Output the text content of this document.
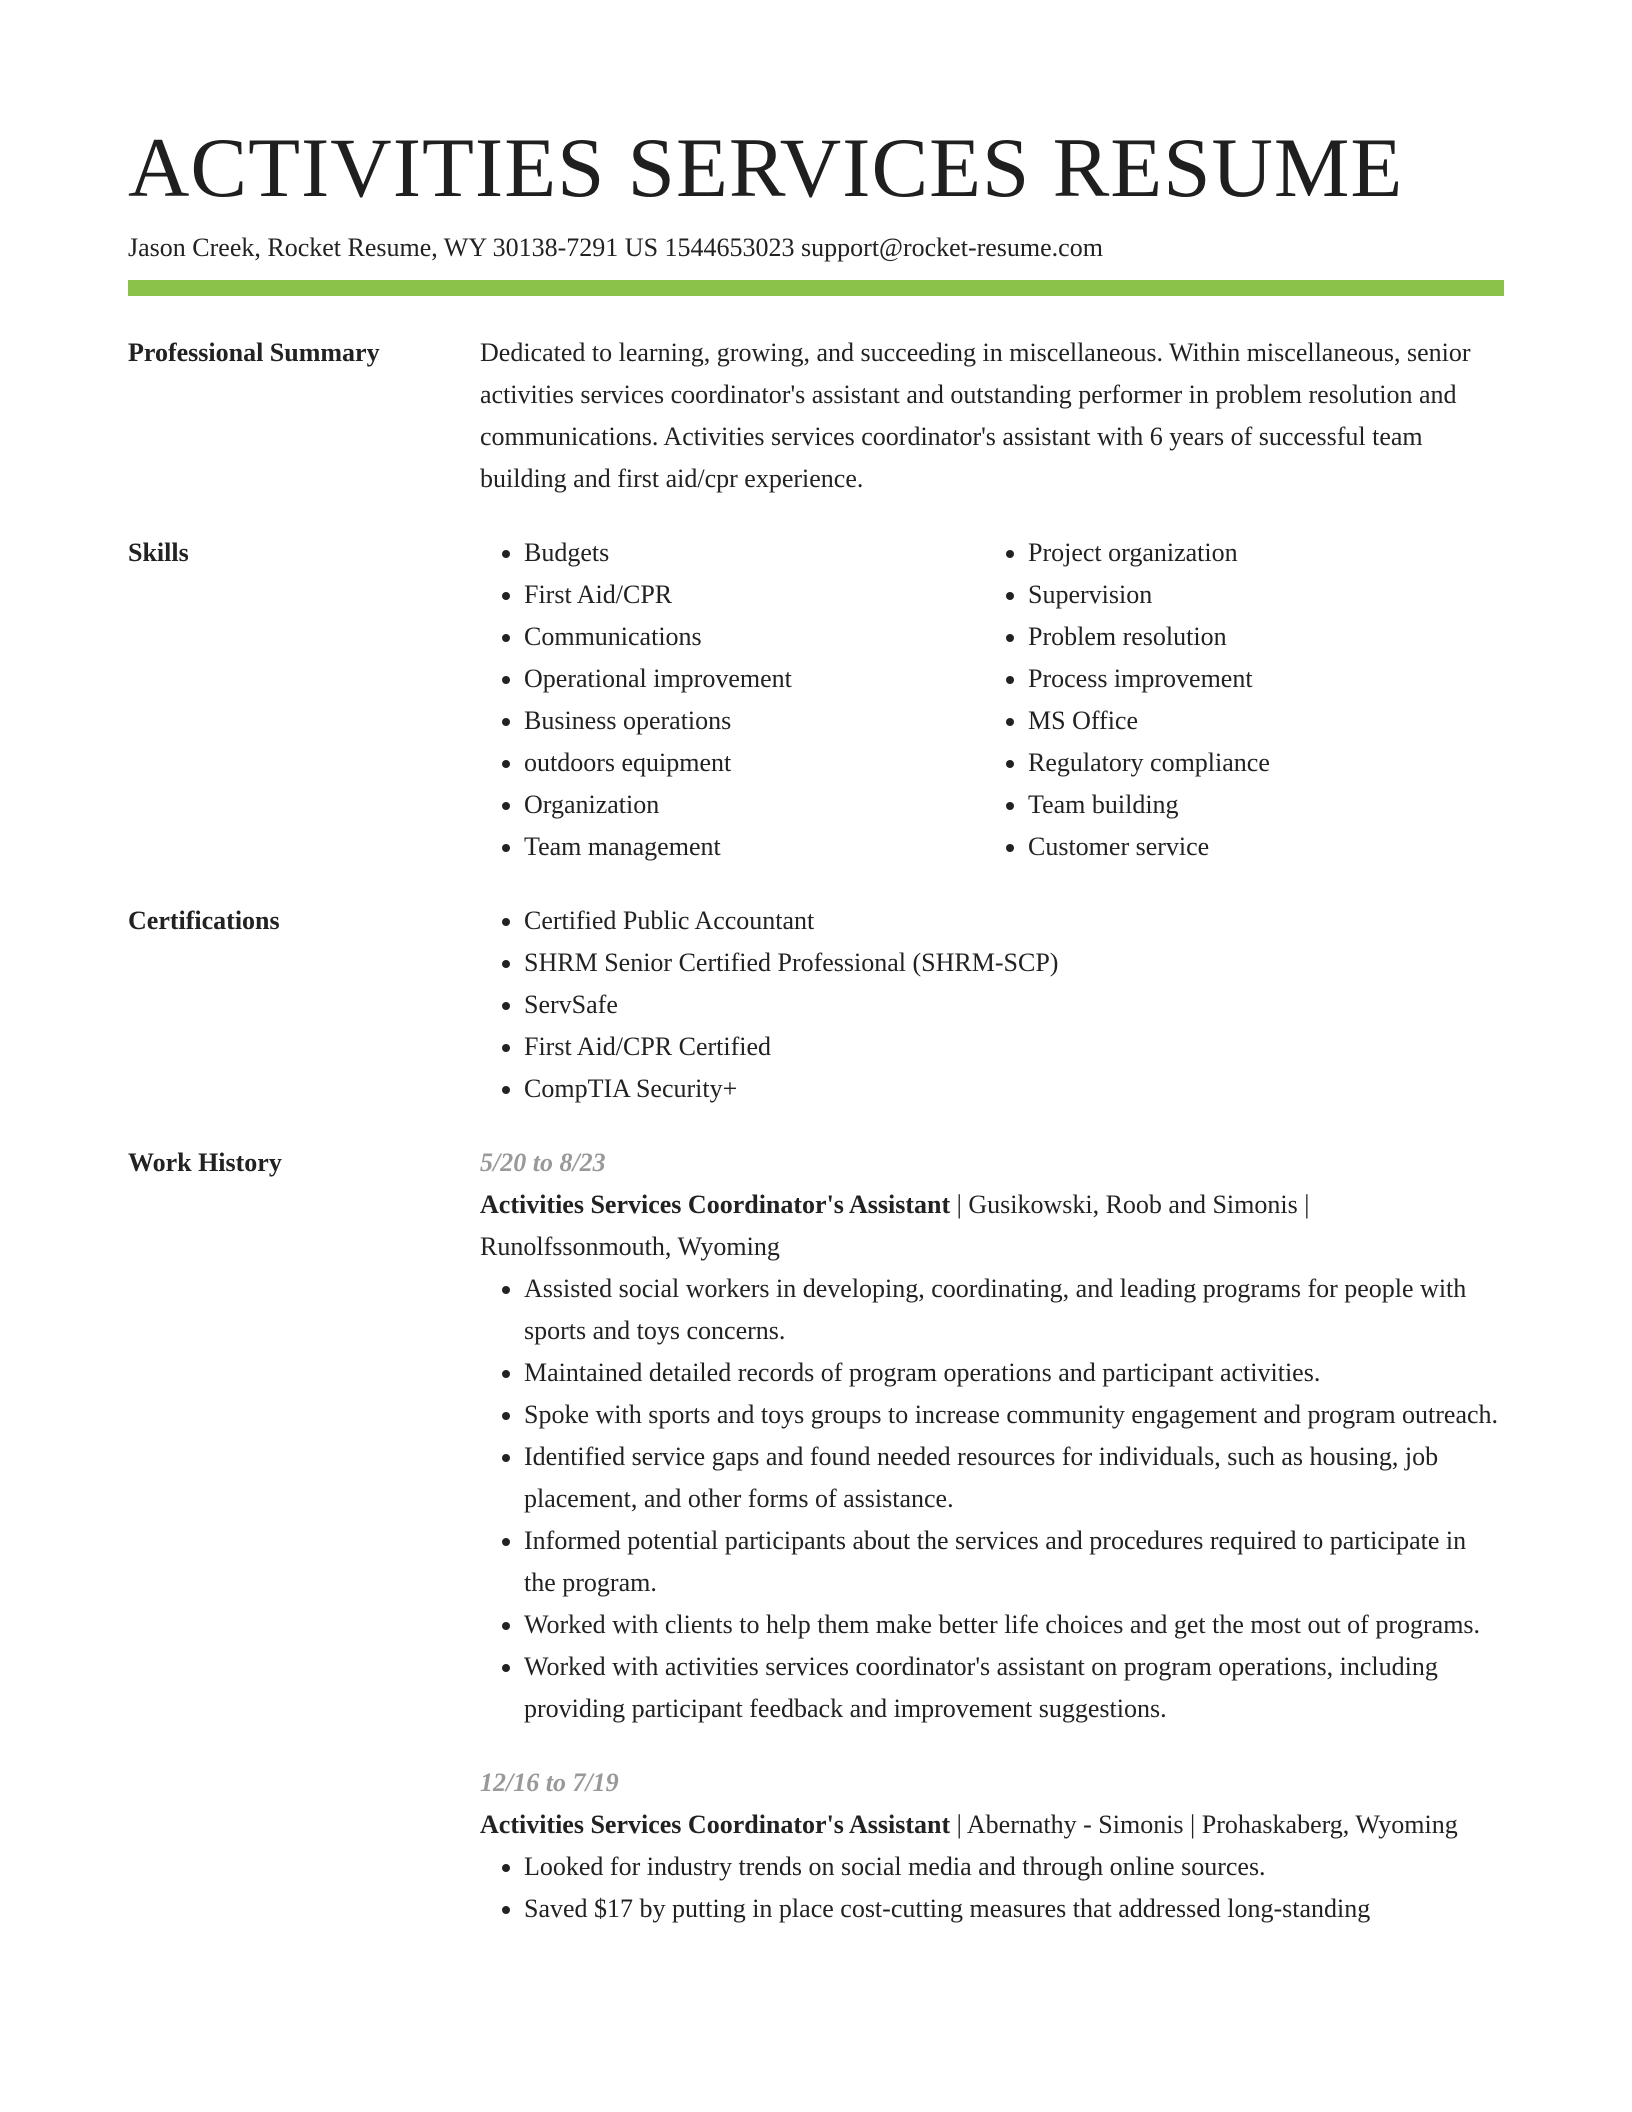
ACTIVITIES SERVICES RESUME
Jason Creek, Rocket Resume, WY 30138-7291 US 1544653023 support@rocket-resume.com
Professional Summary	Dedicated to learning, growing, and succeeding in miscellaneous. Within miscellaneous, senior activities services coordinator's assistant and outstanding performer in problem resolution and communications. Activities services coordinator's assistant with 6 years of successful team building and first aid/cpr experience.

Skills	• Budgets
• First Aid/CPR
• Communications
• Operational improvement
• Business operations
• outdoors equipment
• Organization
• Team management
• Project organization
• Supervision
• Problem resolution
• Process improvement
• MS Office
• Regulatory compliance
• Team building
• Customer service
Certifications	• Certified Public Accountant
• SHRM Senior Certified Professional (SHRM-SCP)
• ServSafe
• First Aid/CPR Certified
• CompTIA Security+
Work History	5/20 to 8/23
Activities Services Coordinator's Assistant | Gusikowski, Roob and Simonis | Runolfssonmouth, Wyoming
• Assisted social workers in developing, coordinating, and leading programs for people with sports and toys concerns.
• Maintained detailed records of program operations and participant activities.
• Spoke with sports and toys groups to increase community engagement and program outreach.
• Identified service gaps and found needed resources for individuals, such as housing, job placement, and other forms of assistance.
• Informed potential participants about the services and procedures required to participate in the program.
• Worked with clients to help them make better life choices and get the most out of programs.
• Worked with activities services coordinator's assistant on program operations, including providing participant feedback and improvement suggestions.
12/16 to 7/19
Activities Services Coordinator's Assistant | Abernathy - Simonis | Prohaskaberg, Wyoming
• Looked for industry trends on social media and through online sources.
• Saved $17 by putting in place cost-cutting measures that addressed long-standing
